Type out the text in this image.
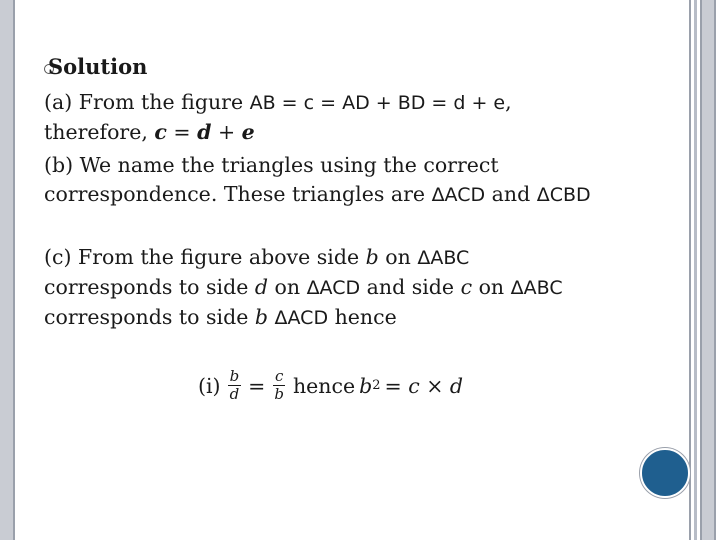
Solution
(a) From the figure AB = c = AD + BD = d + e,
therefore, c = d + e
(b) We name the triangles using the correct correspondence. These triangles are ΔACD and ΔCBD
(c) From the figure above side b on ΔABC corresponds to side d on ΔACD and side c on ΔABC corresponds to side b ΔACD hence
$(i) \frac{b}{d} = \frac{c}{b}$ hence b 2 = c × d
